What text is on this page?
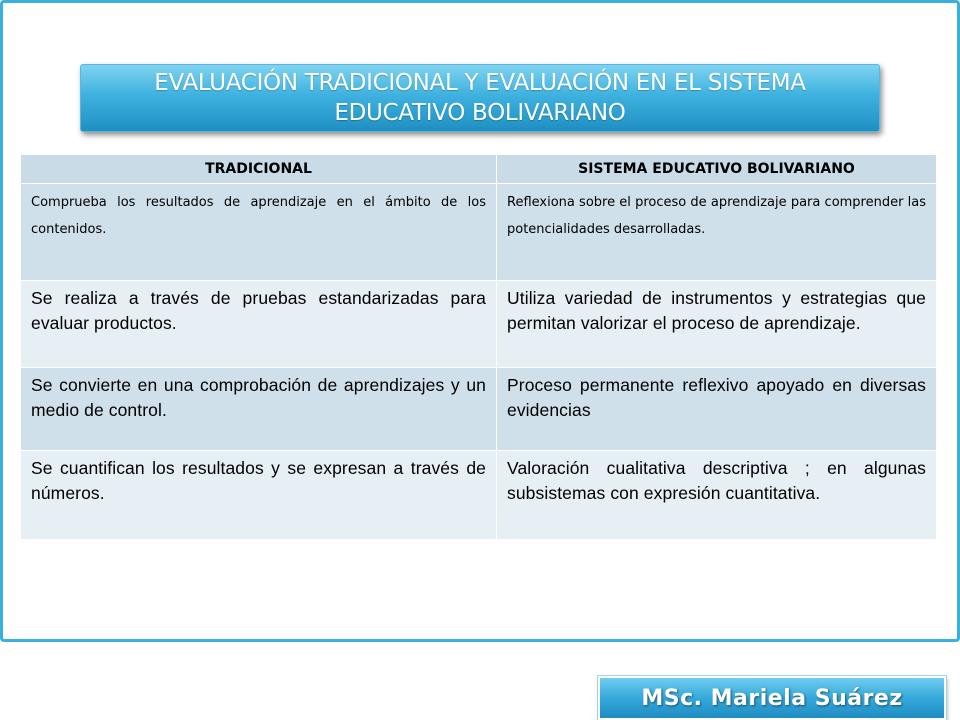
EVALUACIÓN TRADICIONAL Y EVALUACIÓN EN EL SISTEMA
EDUCATIVO BOLIVARIANO
TRADICIONAL	SISTEMA EDUCATIVO BOLIVARIANO
Comprueba los resultados de aprendizaje en el ámbito de los contenidos.	Reflexiona sobre el proceso de aprendizaje para comprender las potencialidades desarrolladas.
Se realiza a través de pruebas estandarizadas para evaluar productos.	Utiliza variedad de instrumentos y estrategias que permitan valorizar el proceso de aprendizaje.
Se convierte en una comprobación de aprendizajes y un medio de control.	Proceso permanente reflexivo apoyado en diversas evidencias
Se cuantifican los resultados y se expresan a través de números.	Valoración cualitativa descriptiva ; en algunas subsistemas con expresión cuantitativa.
MSc. Mariela Suárez
